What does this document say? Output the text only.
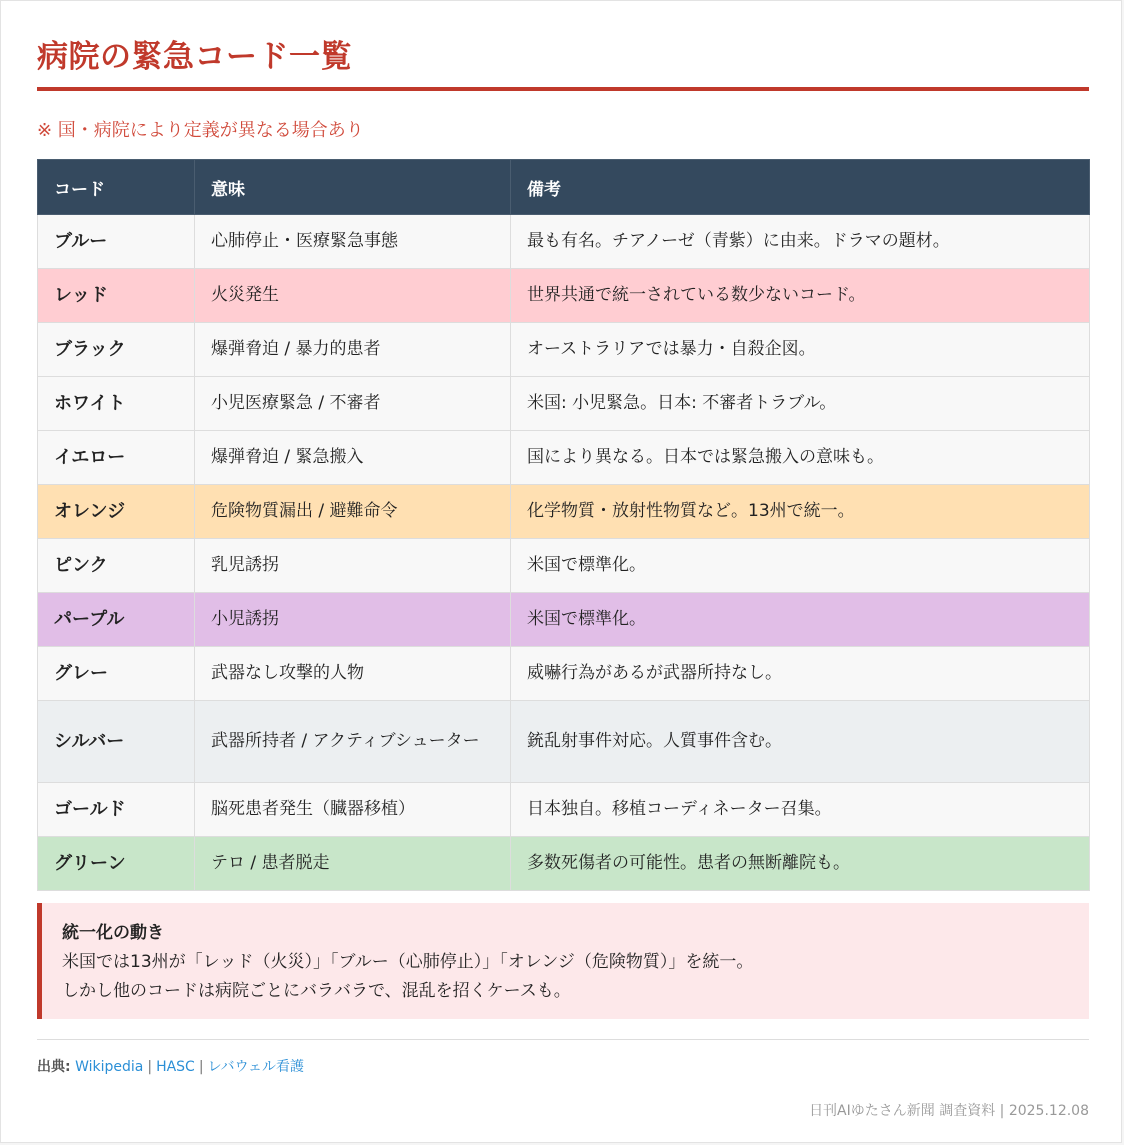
病院の緊急コード一覧
※ 国・病院により定義が異なる場合あり
コード	意味	備考
ブルー	心肺停止・医療緊急事態	最も有名。チアノーゼ（青紫）に由来。ドラマの題材。
レッド	火災発生	世界共通で統一されている数少ないコード。
ブラック	爆弾脅迫 / 暴力的患者	オーストラリアでは暴力・自殺企図。
ホワイト	小児医療緊急 / 不審者	米国: 小児緊急。日本: 不審者トラブル。
イエロー	爆弾脅迫 / 緊急搬入	国により異なる。日本では緊急搬入の意味も。
オレンジ	危険物質漏出 / 避難命令	化学物質・放射性物質など。13州で統一。
ピンク	乳児誘拐	米国で標準化。
パープル	小児誘拐	米国で標準化。
グレー	武器なし攻撃的人物	威嚇行為があるが武器所持なし。
シルバー	武器所持者 / アクティブシューター	銃乱射事件対応。人質事件含む。
ゴールド	脳死患者発生（臓器移植）	日本独自。移植コーディネーター召集。
グリーン	テロ / 患者脱走	多数死傷者の可能性。患者の無断離院も。
統一化の動き
米国では13州が「レッド（火災）」「ブルー（心肺停止）」「オレンジ（危険物質）」を統一。
しかし他のコードは病院ごとにバラバラで、混乱を招くケースも。
出典: Wikipedia | HASC | レバウェル看護
日刊AIゆたさん新聞 調査資料 | 2025.12.08
